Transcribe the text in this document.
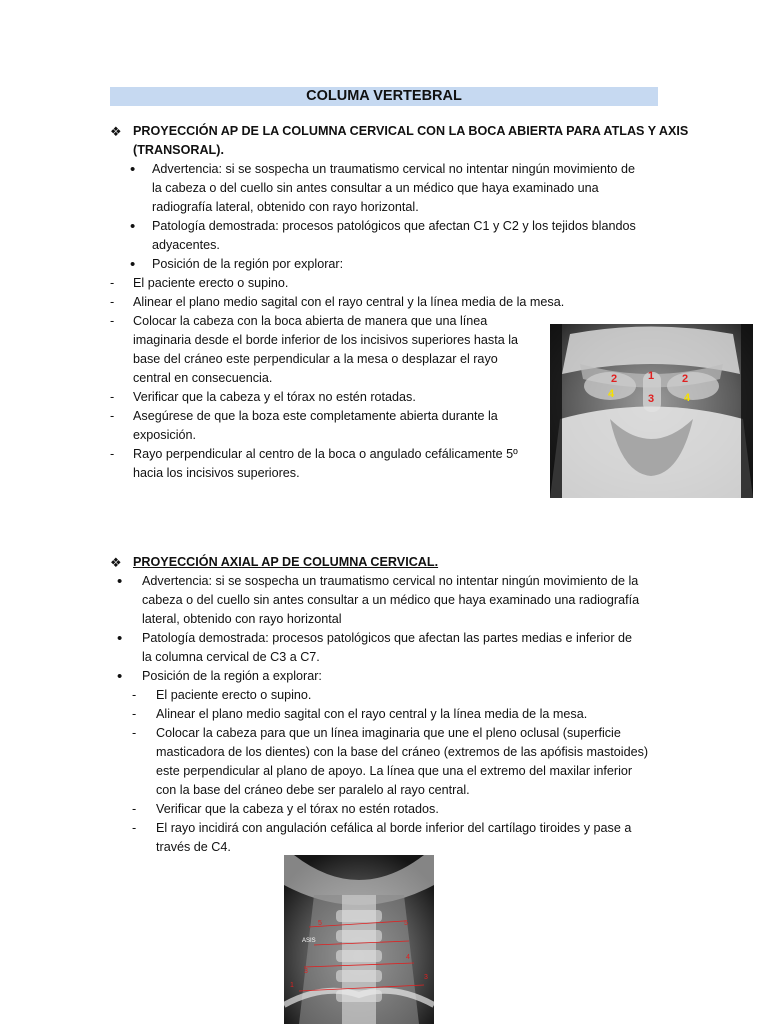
COLUMA VERTEBRAL
❖ PROYECCIÓN AP DE LA COLUMNA CERVICAL CON LA BOCA ABIERTA PARA ATLAS Y AXIS
(TRANSORAL).
• Advertencia: si se sospecha un traumatismo cervical no intentar ningún movimiento de
la cabeza o del cuello sin antes consultar a un médico que haya examinado una
radiografía lateral, obtenido con rayo horizontal.
• Patología demostrada: procesos patológicos que afectan C1 y C2 y los tejidos blandos
adyacentes.
• Posición de la región por explorar:
- El paciente erecto o supino.
- Alinear el plano medio sagital con el rayo central y la línea media de la mesa.
- Colocar la cabeza con la boca abierta de manera que una línea
imaginaria desde el borde inferior de los incisivos superiores hasta la
base del cráneo este perpendicular a la mesa o desplazar el rayo
central en consecuencia.
- Verificar que la cabeza y el tórax no estén rotadas.
- Asegúrese de que la boza este completamente abierta durante la
exposición.
- Rayo perpendicular al centro de la boca o angulado cefálicamente 5º
hacia los incisivos superiores.
1
2	2
3
4	4
❖ PROYECCIÓN AXIAL AP DE COLUMNA CERVICAL.
• Advertencia: si se sospecha un traumatismo cervical no intentar ningún movimiento de la
cabeza o del cuello sin antes consultar a un médico que haya examinado una radiografía
lateral, obtenido con rayo horizontal
• Patología demostrada: procesos patológicos que afectan las partes medias e inferior de
la columna cervical de C3 a C7.
• Posición de la región a explorar:
- El paciente erecto o supino.
- Alinear el plano medio sagital con el rayo central y la línea media de la mesa.
- Colocar la cabeza para que un línea imaginaria que une el pleno oclusal (superficie
masticadora de los dientes) con la base del cráneo (extremos de las apófisis mastoides)
este perpendicular al plano de apoyo. La línea que una el extremo del maxilar inferior
con la base del cráneo debe ser paralelo al rayo central.
- Verificar que la cabeza y el tórax no estén rotados.
- El rayo incidirá con angulación cefálica al borde inferior del cartílago tiroides y pase a
través de C4.
ASIS
5	5
4
3
3
1
